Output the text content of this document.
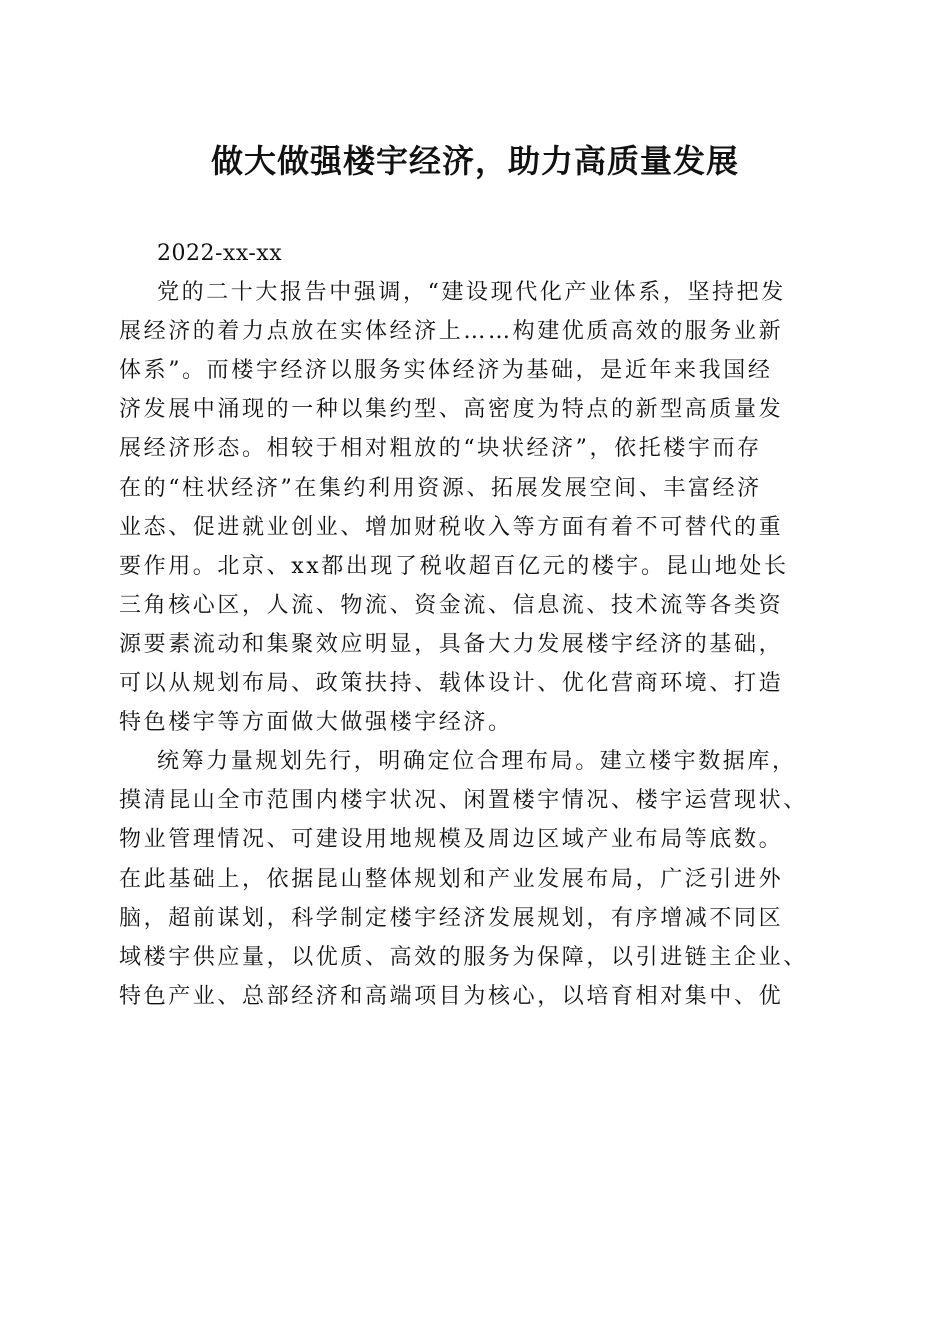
做大做强楼宇经济，助力高质量发展
2022-xx-xx
党的二十大报告中强调，“建设现代化产业体系，坚持把发
展经济的着力点放在实体经济上……构建优质高效的服务业新
体系”。而楼宇经济以服务实体经济为基础，是近年来我国经
济发展中涌现的一种以集约型、高密度为特点的新型高质量发
展经济形态。相较于相对粗放的“块状经济”，依托楼宇而存
在的“柱状经济”在集约利用资源、拓展发展空间、丰富经济
业态、促进就业创业、增加财税收入等方面有着不可替代的重
要作用。北京、xx都出现了税收超百亿元的楼宇。昆山地处长
三角核心区，人流、物流、资金流、信息流、技术流等各类资
源要素流动和集聚效应明显，具备大力发展楼宇经济的基础，
可以从规划布局、政策扶持、载体设计、优化营商环境、打造
特色楼宇等方面做大做强楼宇经济。
统筹力量规划先行，明确定位合理布局。建立楼宇数据库，
摸清昆山全市范围内楼宇状况、闲置楼宇情况、楼宇运营现状、
物业管理情况、可建设用地规模及周边区域产业布局等底数。
在此基础上，依据昆山整体规划和产业发展布局，广泛引进外
脑，超前谋划，科学制定楼宇经济发展规划，有序增减不同区
域楼宇供应量，以优质、高效的服务为保障，以引进链主企业、
特色产业、总部经济和高端项目为核心，以培育相对集中、优
